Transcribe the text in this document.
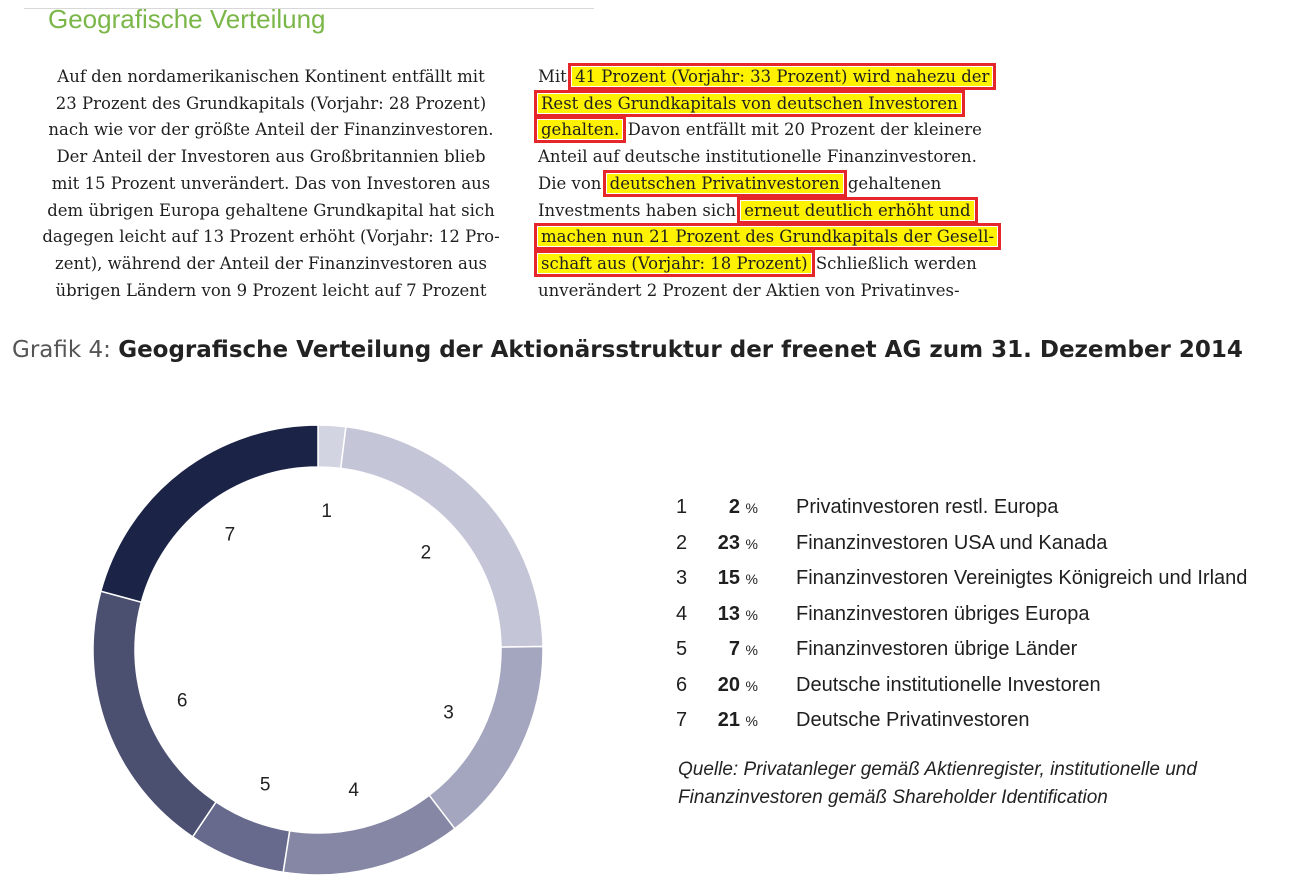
Geografische Verteilung
Auf den nordamerikanischen Kontinent entfällt mit
23 Prozent des Grundkapitals (Vorjahr: 28 Prozent)
nach wie vor der größte Anteil der Finanzinvestoren.
Der Anteil der Investoren aus Großbritannien blieb
mit 15 Prozent unverändert. Das von Investoren aus
dem übrigen Europa gehaltene Grundkapital hat sich
dagegen leicht auf 13 Prozent erhöht (Vorjahr: 12 Pro-
zent), während der Anteil der Finanzinvestoren aus
übrigen Ländern von 9 Prozent leicht auf 7 Prozent
Mit 41 Prozent (Vorjahr: 33 Prozent) wird nahezu der
Rest des Grundkapitals von deutschen Investoren
gehalten. Davon entfällt mit 20 Prozent der kleinere
Anteil auf deutsche institutionelle Finanzinvestoren.
Die von deutschen Privatinvestoren gehaltenen
Investments haben sich erneut deutlich erhöht und
machen nun 21 Prozent des Grundkapitals der Gesell-
schaft aus (Vorjahr: 18 Prozent) Schließlich werden
unverändert 2 Prozent der Aktien von Privatinves-
Grafik 4: Geografische Verteilung der Aktionärsstruktur der freenet AG zum 31. Dezember 2014
1
2
3
4
5
6
7
1	2 % Privatinvestoren restl. Europa
2	23 % Finanzinvestoren USA und Kanada
3	15 % Finanzinvestoren Vereinigtes Königreich und Irland
4	13 % Finanzinvestoren übriges Europa
5	7 % Finanzinvestoren übrige Länder
6	20 % Deutsche institutionelle Investoren
7	21 % Deutsche Privatinvestoren
Quelle: Privatanleger gemäß Aktienregister, institutionelle und
Finanzinvestoren gemäß Shareholder Identification
